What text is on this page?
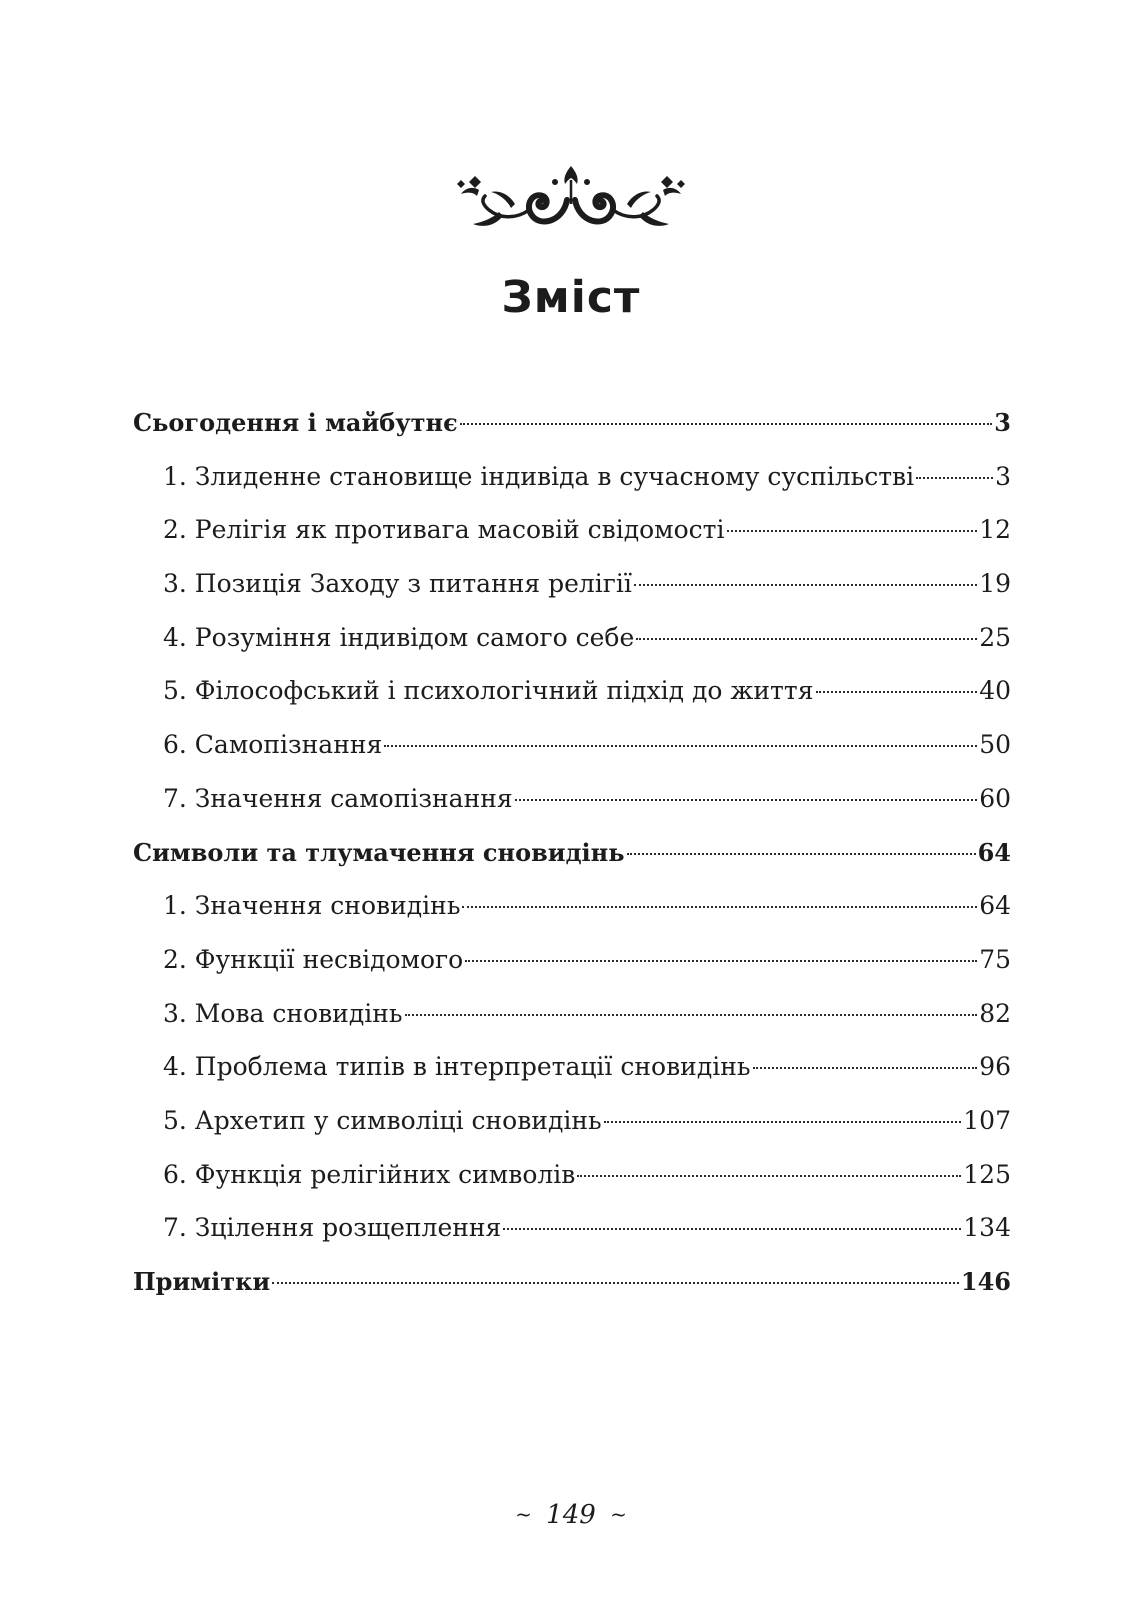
Зміст
Сьогодення і майбутнє	3
1. Злиденне становище індивіда в сучасному суспільстві	3
2. Релігія як противага масовій свідомості	12
3. Позиція Заходу з питання релігії	19
4. Розуміння індивідом самого себе	25
5. Філософський і психологічний підхід до життя	40
6. Самопізнання	50
7. Значення самопізнання	60
Символи та тлумачення сновидінь	64
1. Значення сновидінь	64
2. Функції несвідомого	75
3. Мова сновидінь	82
4. Проблема типів в інтерпретації сновидінь	96
5. Архетип у символіці сновидінь	107
6. Функція релігійних символів	125
7. Зцілення розщеплення	134
Примітки	146
~ 149 ~
